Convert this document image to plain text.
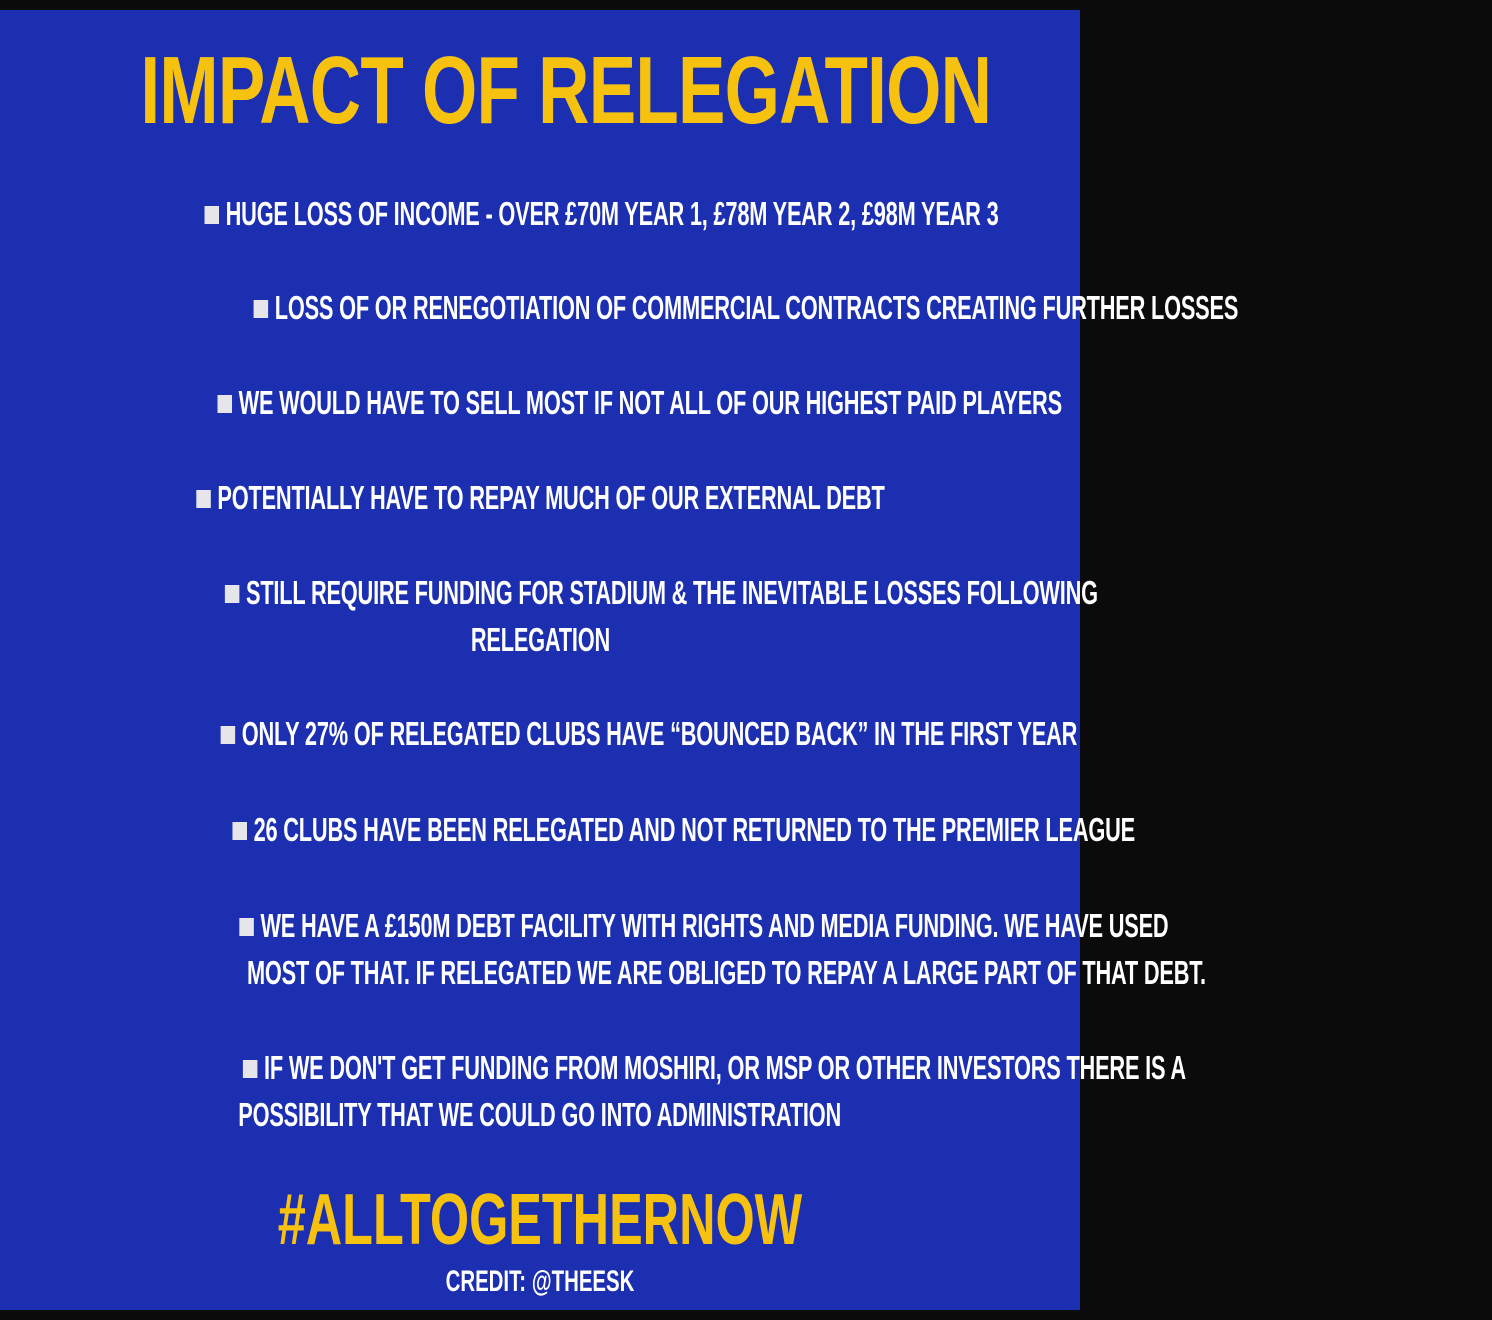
IMPACT OF RELEGATION
HUGE LOSS OF INCOME - OVER £70M YEAR 1, £78M YEAR 2, £98M YEAR 3
LOSS OF OR RENEGOTIATION OF COMMERCIAL CONTRACTS CREATING FURTHER LOSSES
WE WOULD HAVE TO SELL MOST IF NOT ALL OF OUR HIGHEST PAID PLAYERS
POTENTIALLY HAVE TO REPAY MUCH OF OUR EXTERNAL DEBT
STILL REQUIRE FUNDING FOR STADIUM & THE INEVITABLE LOSSES FOLLOWING
RELEGATION
ONLY 27% OF RELEGATED CLUBS HAVE “BOUNCED BACK” IN THE FIRST YEAR
26 CLUBS HAVE BEEN RELEGATED AND NOT RETURNED TO THE PREMIER LEAGUE
WE HAVE A £150M DEBT FACILITY WITH RIGHTS AND MEDIA FUNDING. WE HAVE USED
MOST OF THAT. IF RELEGATED WE ARE OBLIGED TO REPAY A LARGE PART OF THAT DEBT.
IF WE DON'T GET FUNDING FROM MOSHIRI, OR MSP OR OTHER INVESTORS THERE IS A
POSSIBILITY THAT WE COULD GO INTO ADMINISTRATION
#ALLTOGETHERNOW
CREDIT: @THEESK
